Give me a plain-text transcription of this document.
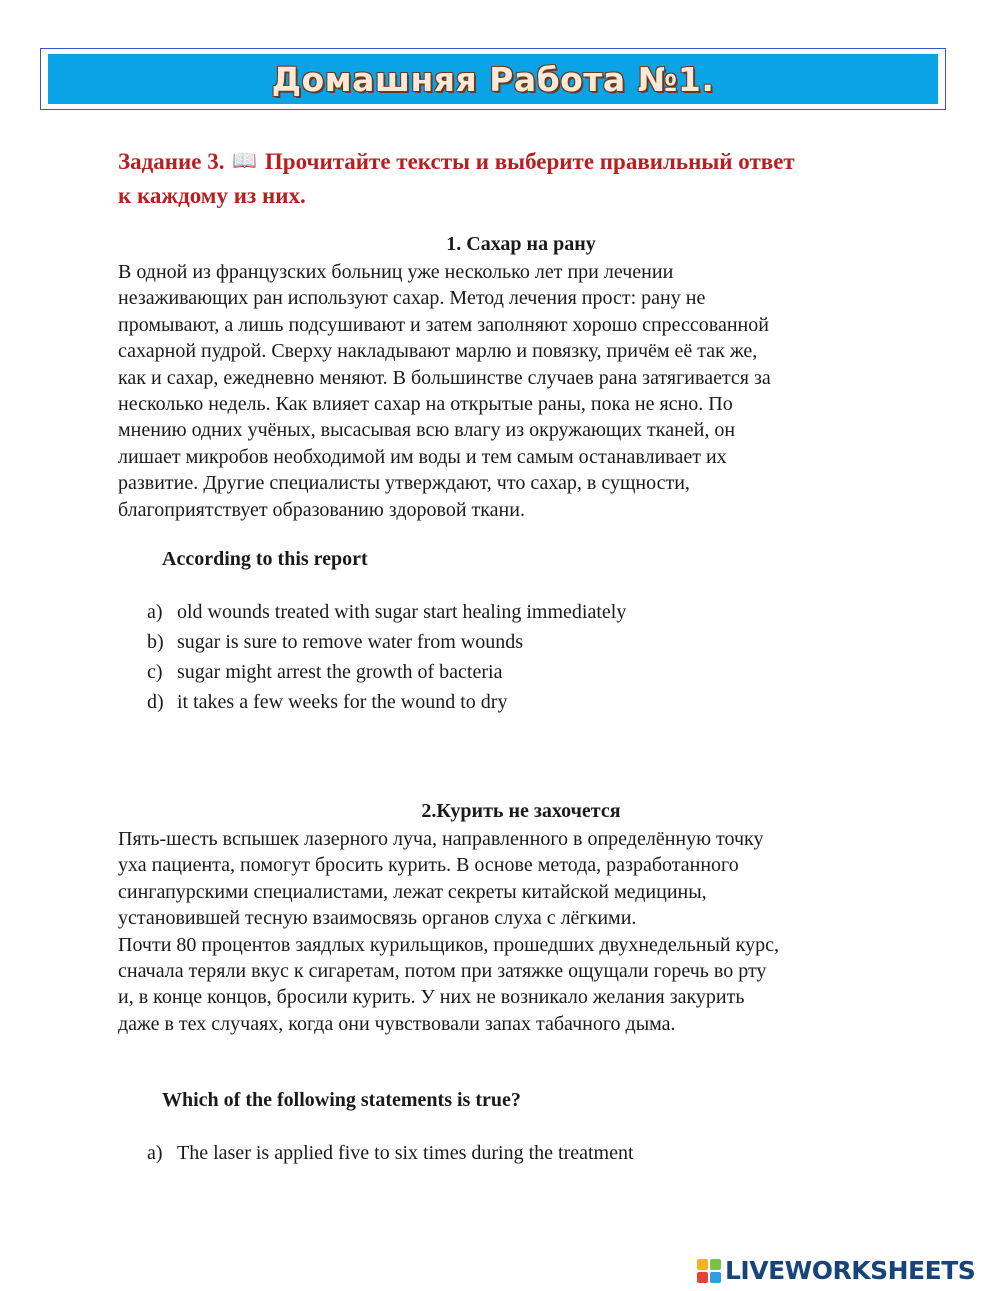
Домашняя Работа №1.
Задание 3. 📖 Прочитайте тексты и выберите правильный ответ
к каждому из них.
1. Сахар на рану
В одной из французских больниц уже несколько лет при лечении
незаживающих ран используют сахар. Метод лечения прост: рану не
промывают, а лишь подсушивают и затем заполняют хорошо спрессованной
сахарной пудрой. Сверху накладывают марлю и повязку, причём её так же,
как и сахар, ежедневно меняют. В большинстве случаев рана затягивается за
несколько недель. Как влияет сахар на открытые раны, пока не ясно. По
мнению одних учёных, высасывая всю влагу из окружающих тканей, он
лишает микробов необходимой им воды и тем самым останавливает их
развитие. Другие специалисты утверждают, что сахар, в сущности,
благоприятствует образованию здоровой ткани.
According to this report
a) old wounds treated with sugar start healing immediately
b) sugar is sure to remove water from wounds
c) sugar might arrest the growth of bacteria
d) it takes a few weeks for the wound to dry
2.Курить не захочется
Пять-шесть вспышек лазерного луча, направленного в определённую точку
уха пациента, помогут бросить курить. В основе метода, разработанного
сингапурскими специалистами, лежат секреты китайской медицины,
установившей тесную взаимосвязь органов слуха с лёгкими.
Почти 80 процентов заядлых курильщиков, прошедших двухнедельный курс,
сначала теряли вкус к сигаретам, потом при затяжке ощущали горечь во рту
и, в конце концов, бросили курить. У них не возникало желания закурить
даже в тех случаях, когда они чувствовали запах табачного дыма.
Which of the following statements is true?
a) The laser is applied five to six times during the treatment
LIVEWORKSHEETS
